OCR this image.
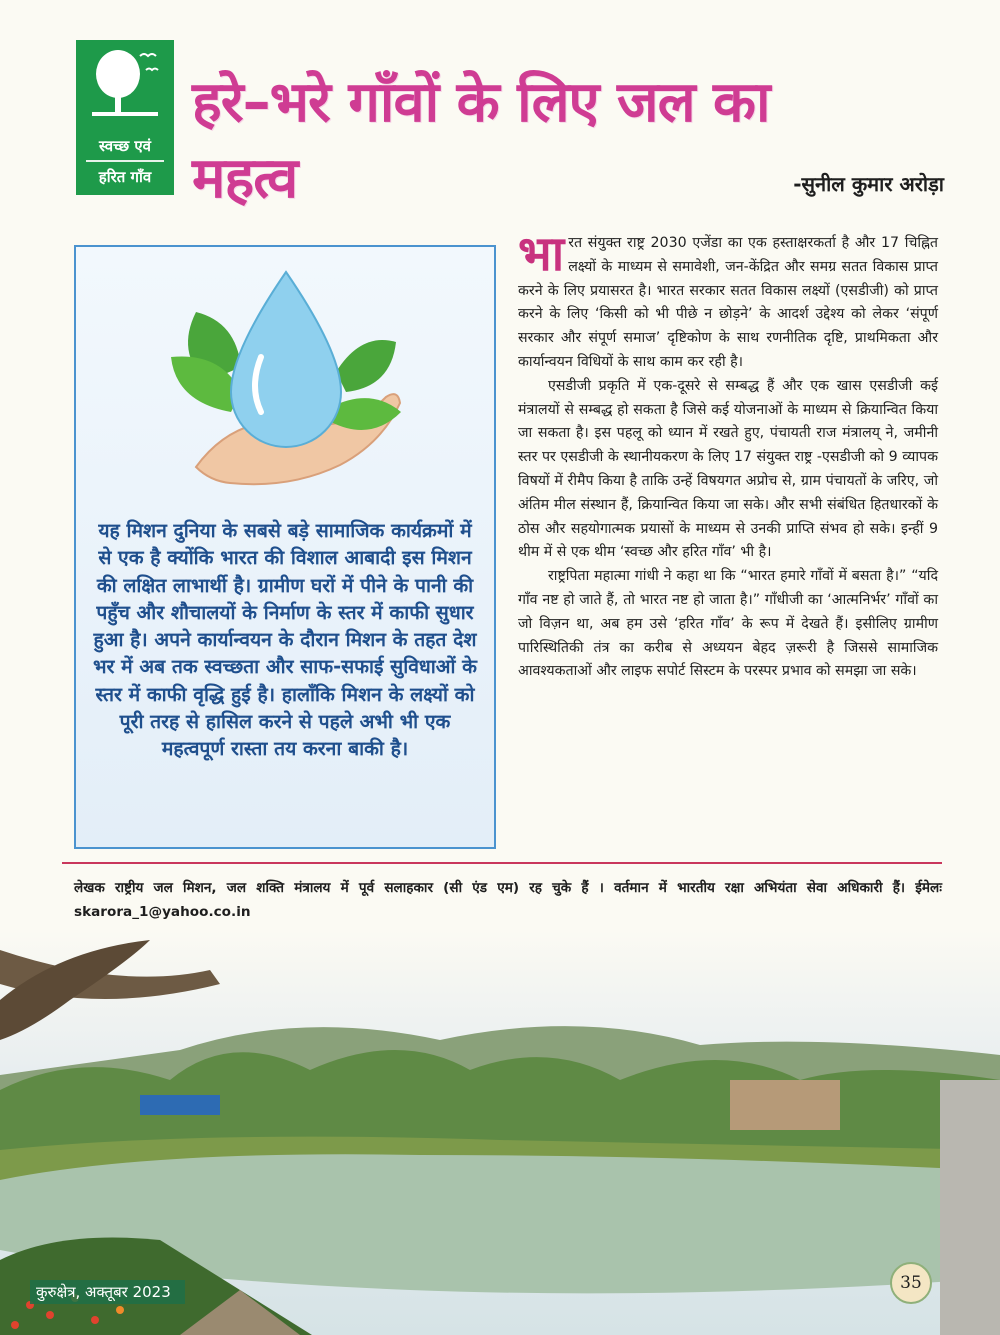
स्वच्छ एवं
हरित गाँव
हरे–भरे गाँवों के लिए जल का महत्व	-सुनील कुमार अरोड़ा
यह मिशन दुनिया के सबसे बड़े सामाजिक कार्यक्रमों में से एक है क्योंकि भारत की विशाल आबादी इस मिशन की लक्षित लाभार्थी है। ग्रामीण घरों में पीने के पानी की पहुँच और शौचालयों के निर्माण के स्तर में काफी सुधार हुआ है। अपने कार्यान्वयन के दौरान मिशन के तहत देश भर में अब तक स्वच्छता और साफ-सफाई सुविधाओं के स्तर में काफी वृद्धि हुई है। हालाँकि मिशन के लक्ष्यों को पूरी तरह से हासिल करने से पहले अभी भी एक महत्वपूर्ण रास्ता तय करना बाकी है।

भारत संयुक्त राष्ट्र 2030 एजेंडा का एक हस्ताक्षरकर्ता है और 17 चिह्नित लक्ष्यों के माध्यम से समावेशी, जन-केंद्रित और समग्र सतत विकास प्राप्त करने के लिए प्रयासरत है। भारत सरकार सतत विकास लक्ष्यों (एसडीजी) को प्राप्त करने के लिए ‘किसी को भी पीछे न छोड़ने’ के आदर्श उद्देश्य को लेकर ‘संपूर्ण सरकार और संपूर्ण समाज’ दृष्टिकोण के साथ रणनीतिक दृष्टि, प्राथमिकता और कार्यान्वयन विधियों के साथ काम कर रही है।

एसडीजी प्रकृति में एक-दूसरे से सम्बद्ध हैं और एक खास एसडीजी कई मंत्रालयों से सम्बद्ध हो सकता है जिसे कई योजनाओं के माध्यम से क्रियान्वित किया जा सकता है। इस पहलू को ध्यान में रखते हुए, पंचायती राज मंत्रालय् ने, जमीनी स्तर पर एसडीजी के स्थानीयकरण के लिए 17 संयुक्त राष्ट्र -एसडीजी को 9 व्यापक विषयों में रीमैप किया है ताकि उन्हें विषयगत अप्रोच से, ग्राम पंचायतों के जरिए, जो अंतिम मील संस्थान हैं, क्रियान्वित किया जा सके। और सभी संबंधित हितधारकों के ठोस और सहयोगात्मक प्रयासों के माध्यम से उनकी प्राप्ति संभव हो सके। इन्हीं 9 थीम में से एक थीम ‘स्वच्छ और हरित गाँव’ भी है।

राष्ट्रपिता महात्मा गांधी ने कहा था कि “भारत हमारे गाँवों में बसता है।” “यदि गाँव नष्ट हो जाते हैं, तो भारत नष्ट हो जाता है।” गाँधीजी का ‘आत्मनिर्भर’ गाँवों का जो विज़न था, अब हम उसे ‘हरित गाँव’ के रूप में देखते हैं। इसीलिए ग्रामीण पारिस्थितिकी तंत्र का करीब से अध्ययन बेहद ज़रूरी है जिससे सामाजिक आवश्यकताओं और लाइफ सपोर्ट सिस्टम के परस्पर प्रभाव को समझा जा सके।

लेखक राष्ट्रीय जल मिशन, जल शक्ति मंत्रालय में पूर्व सलाहकार (सी एंड एम) रह चुके हैं । वर्तमान में भारतीय रक्षा अभियंता सेवा अधिकारी हैं। ईमेलः skarora_1@yahoo.co.in
कुरुक्षेत्र, अक्तूबर 2023	35
